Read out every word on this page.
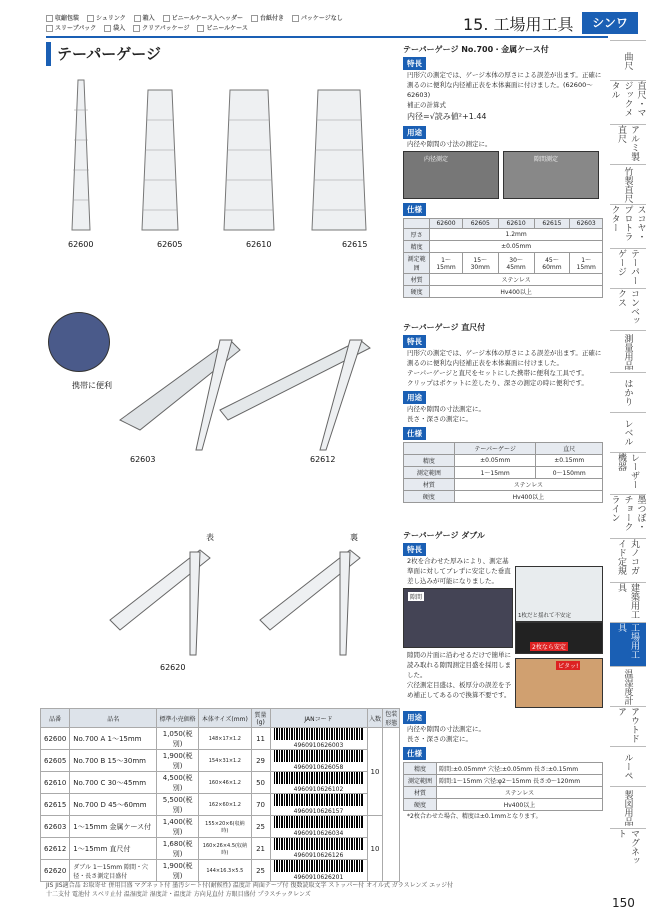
収縮包装	シュリンク	箱入	ビニールケース入ヘッダー	台紙付き	パッケージなし スリーブパック	袋入	クリアパッケージ	ビニールケース	15. 工場用工具	シンワ
テーパーゲージ
62600	62605	62610	62615
携帯に便利
62603	62612
表	裏
62620
テーパーゲージ No.700・金属ケース付
特長

円形穴の測定では、ゲージ本体の厚さによる誤差が出ます。正確に測るのに便利な内径補正表を本体裏面に付けました。(62600～62603)

補正の計算式

内径=√読み値²+1.44

用途

内径や隙間の寸法の測定に。

内径測定	隙間測定
仕様
	62600	62605	62610	62615	62603
厚さ	1.2mm				
精度	±0.05mm				
測定範囲	1～15mm	15～30mm	30～45mm	45～60mm	1～15mm
材質	ステンレス				
硬度	Hv400以上				
テーパーゲージ 直尺付
特長

円形穴の測定では、ゲージ本体の厚さによる誤差が出ます。正確に測るのに便利な内径補正表を本体裏面に付けました。

テーパーゲージと直尺をセットにした携帯に便利な工具です。

クリップはポケットに差したり、深さの測定の時に便利です。

用途

内径や隙間の寸法測定に。

長さ・深さの測定に。

仕様
	テーパーゲージ	直尺
精度	±0.05mm	±0.15mm
測定範囲	1～15mm	0～150mm
材質	ステンレス	
硬度	Hv400以上	
テーパーゲージ ダブル
特長

2枚を合わせた厚みにより、測定基準面に対してブレずに安定した垂直差し込みが可能になりました。

隙間

隙間の片面に沿わせるだけで簡単に読み取れる隙間測定目盛を採用しました。

穴径測定目盛は、板厚分の誤差を予め補正してあるので換算不要です。

1枚だと揺れて不安定
2枚なら安定
ピタッ!
用途

内径や隙間の寸法測定に。

長さ・深さの測定に。

仕様
精度	隙間:±0.05mm* 穴径:±0.05mm 長さ:±0.15mm
測定範囲	隙間:1～15mm 穴径:φ2～15mm 長さ:0～120mm
材質	ステンレス
硬度	Hv400以上

*2枚合わせた場合、精度は±0.1mmとなります。

品番	品名	標準小売価格	本体サイズ(mm)	質量(g)	JANコード	入数	包装形態
62600	No.700 A 1～15mm	1,050(税別)	148×17×1.2	11	4960910626003	10	
62605	No.700 B 15～30mm	1,900(税別)	154×31×1.2	29	4960910626058		

62610	No.700 C 30～45mm	4,500(税別)	160×46×1.2	50	4960910626102		

62615	No.700 D 45～60mm	5,500(税別)	162×60×1.2	70	4960910626157		

62603	1～15mm 金属ケース付	1,400(税別)	155×20×6(収納時)	25	4960910626034	10	
62612	1～15mm 直尺付	1,680(税別)	160×26×4.5(収納時)	21	4960910626126		

62620	ダブル 1～15mm 隙間・穴径・長さ測定目盛付	1,900(税別)	144×16.3×5.5	25	4960910626201		
曲尺
直尺・マジックメタル
アルミ製直尺
竹製直尺
スコヤ・プロトラクター
テーパーゲージ
コンベックス
測量用品
はかり
レベル
レーザー機器
墨つぼ・チョークライン
丸ノコガイド定規
建築用工具
工場用工具
温湿度計
アウトドア
ルーペ
製図用品
マグネット
JIS JIS適合品 お取寄せ 併用目盛 マグネット付 墨汚シート付(耐候性) 温度計 両面テープ付 復数読取文字 ストッパー付 オイル式 ガラスレンズ エッジ付
十二支付 電池付 スベリ止付 温湿度計 湿度計・温度計 方向見直付 方眼目盛付 プラスチックレンズ
150
